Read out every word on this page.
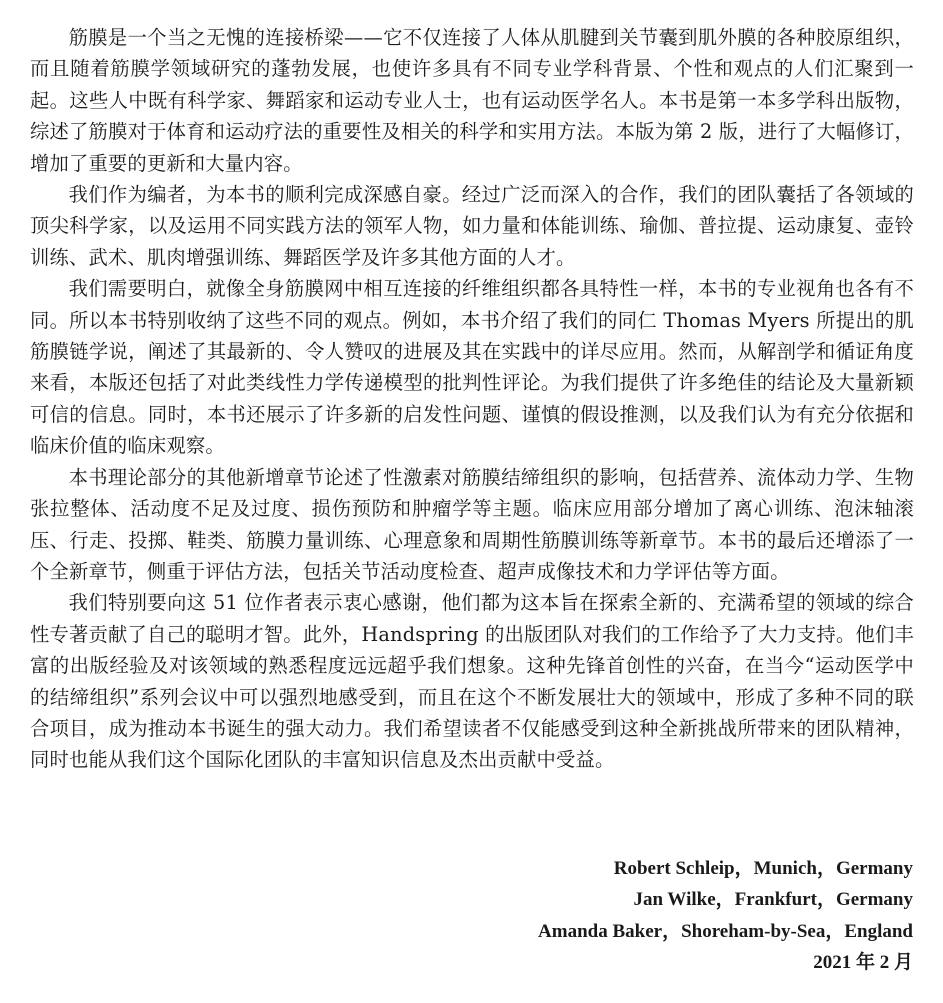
筋膜是一个当之无愧的连接桥梁——它不仅连接了人体从肌腱到关节囊到肌外膜的各种胶原组织，而且随着筋膜学领域研究的蓬勃发展，也使许多具有不同专业学科背景、个性和观点的人们汇聚到一起。这些人中既有科学家、舞蹈家和运动专业人士，也有运动医学名人。本书是第一本多学科出版物，综述了筋膜对于体育和运动疗法的重要性及相关的科学和实用方法。本版为第 2 版，进行了大幅修订，增加了重要的更新和大量内容。

我们作为编者，为本书的顺利完成深感自豪。经过广泛而深入的合作，我们的团队囊括了各领域的顶尖科学家，以及运用不同实践方法的领军人物，如力量和体能训练、瑜伽、普拉提、运动康复、壶铃训练、武术、肌肉增强训练、舞蹈医学及许多其他方面的人才。

我们需要明白，就像全身筋膜网中相互连接的纤维组织都各具特性一样，本书的专业视角也各有不同。所以本书特别收纳了这些不同的观点。例如，本书介绍了我们的同仁 Thomas Myers 所提出的肌筋膜链学说，阐述了其最新的、令人赞叹的进展及其在实践中的详尽应用。然而，从解剖学和循证角度来看，本版还包括了对此类线性力学传递模型的批判性评论。为我们提供了许多绝佳的结论及大量新颖可信的信息。同时，本书还展示了许多新的启发性问题、谨慎的假设推测，以及我们认为有充分依据和临床价值的临床观察。

本书理论部分的其他新增章节论述了性激素对筋膜结缔组织的影响，包括营养、流体动力学、生物张拉整体、活动度不足及过度、损伤预防和肿瘤学等主题。临床应用部分增加了离心训练、泡沫轴滚压、行走、投掷、鞋类、筋膜力量训练、心理意象和周期性筋膜训练等新章节。本书的最后还增添了一个全新章节，侧重于评估方法，包括关节活动度检查、超声成像技术和力学评估等方面。

我们特别要向这 51 位作者表示衷心感谢，他们都为这本旨在探索全新的、充满希望的领域的综合性专著贡献了自己的聪明才智。此外，Handspring 的出版团队对我们的工作给予了大力支持。他们丰富的出版经验及对该领域的熟悉程度远远超乎我们想象。这种先锋首创性的兴奋，在当今“运动医学中的结缔组织”系列会议中可以强烈地感受到，而且在这个不断发展壮大的领域中，形成了多种不同的联合项目，成为推动本书诞生的强大动力。我们希望读者不仅能感受到这种全新挑战所带来的团队精神，同时也能从我们这个国际化团队的丰富知识信息及杰出贡献中受益。

Robert Schleip，Munich，Germany
Jan Wilke，Frankfurt，Germany
Amanda Baker，Shoreham-by-Sea，England
2021 年 2 月
